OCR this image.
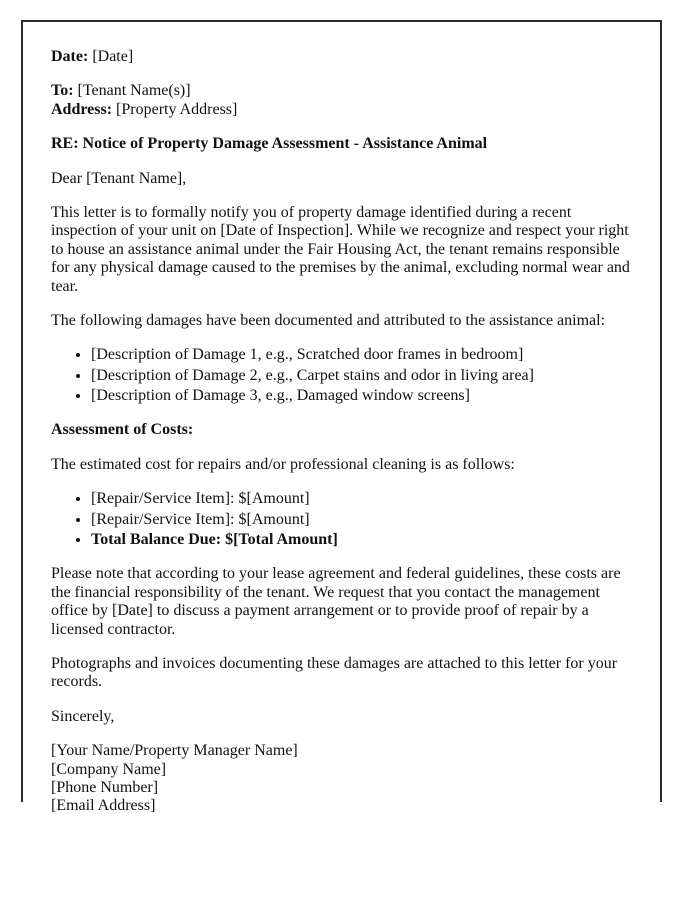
Date: [Date]

To: [Tenant Name(s)]
Address: [Property Address]

RE: Notice of Property Damage Assessment - Assistance Animal

Dear [Tenant Name],

This letter is to formally notify you of property damage identified during a recent inspection of your unit on [Date of Inspection]. While we recognize and respect your right to house an assistance animal under the Fair Housing Act, the tenant remains responsible for any physical damage caused to the premises by the animal, excluding normal wear and tear.

The following damages have been documented and attributed to the assistance animal:

• [Description of Damage 1, e.g., Scratched door frames in bedroom]
• [Description of Damage 2, e.g., Carpet stains and odor in living area]
• [Description of Damage 3, e.g., Damaged window screens]

Assessment of Costs:

The estimated cost for repairs and/or professional cleaning is as follows:

• [Repair/Service Item]: $[Amount]
• [Repair/Service Item]: $[Amount]
• Total Balance Due: $[Total Amount]

Please note that according to your lease agreement and federal guidelines, these costs are the financial responsibility of the tenant. We request that you contact the management office by [Date] to discuss a payment arrangement or to provide proof of repair by a licensed contractor.

Photographs and invoices documenting these damages are attached to this letter for your records.

Sincerely,

[Your Name/Property Manager Name]
[Company Name]
[Phone Number]
[Email Address]
